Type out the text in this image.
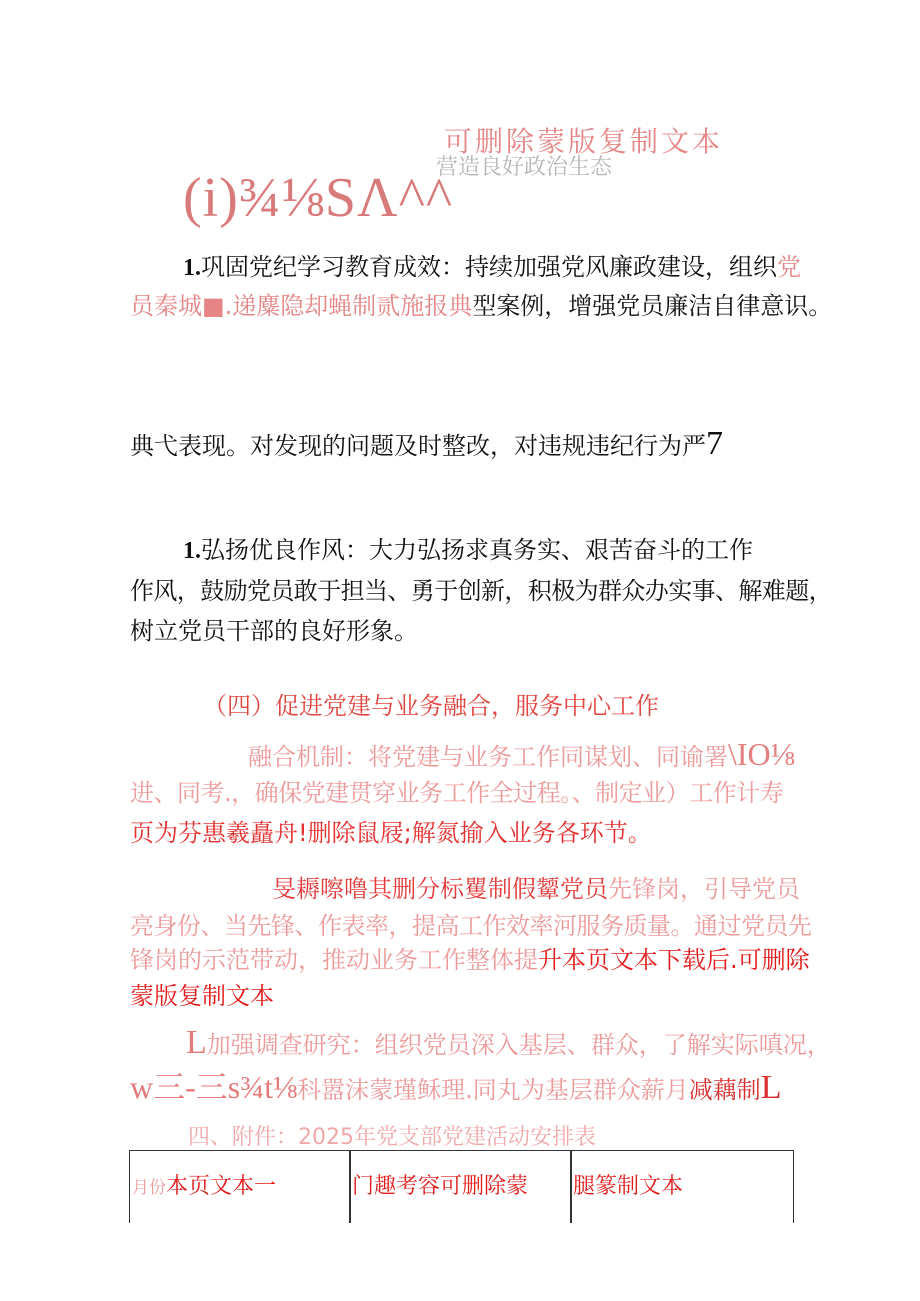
可删除蒙版复制文本
营造良好政治生态
(i)¾⅛SΛ^^
1.巩固党纪学习教育成效：持续加强党风廉政建设，组织党
员秦城■.递麋隐却蝇制贰施报典型案例，增强党员廉洁自律意识。
典弋表现。对发现的问题及时整改，对违规违纪行为严7
1.弘扬优良作风：大力弘扬求真务实、艰苦奋斗的工作
作风，鼓励党员敢于担当、勇于创新，积极为群众办实事、解难题，
树立党员干部的良好形象。
（四）促进党建与业务融合，服务中心工作
融合机制：将党建与业务工作同谋划、同谕署\IO⅛
进、同考.，确保党建贯穿业务工作全过程。、制定业）工作计寿
页为芬惠羲矗舟!删除鼠屐;解氮揄入业务各环节。
旻耨嚓噜其删分标矍制假颦党员先锋岗，引导党员
亮身份、当先锋、作表率，提高工作效率河服务质量。通过党员先
锋岗的示范带动，推动业务工作整体提升本页文本下载后.可删除
蒙版复制文本
L加强调查研究：组织党员深入基层、群众，了解实际嗔况，
w三-三s¾t⅛科嚣沫蒙瑾稣理.同丸为基层群众薪月减藕制L
四、附件：2025年党支部党建活动安排表
月份本页文本一	门趣考容可删除蒙 腿篆制文本
